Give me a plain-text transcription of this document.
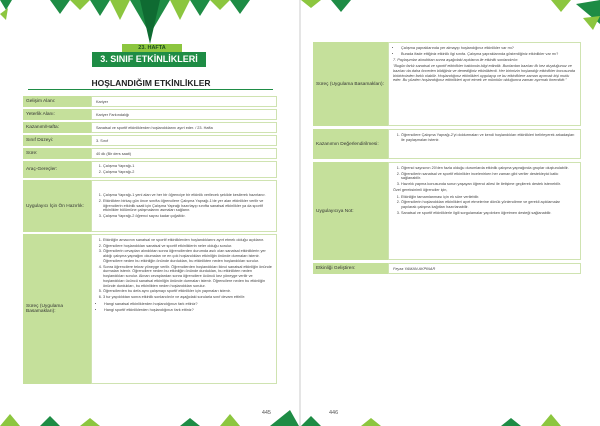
23. HAFTA
3. SINIF ETKİNLİKLERİ
HOŞLANDIĞIM ETKİNLİKLER
Gelişim Alanı:	Kariyer
Yeterlik Alanı:	Kariyer Farkındalığı
Kazanım/Hafta:	Sanatsal ve sportif etkinliklerden hoşlandıklarını ayırt eder. / 23. Hafta
Sınıf Düzeyi:	3. Sınıf
Süre:	40 dk (Bir ders saati)
Araç-Gereçler:
1. Çalışma Yaprağı-1
2. Çalışma Yaprağı-2
Uygulayıcı İçin Ön Hazırlık:
1. Çalışma Yaprağı-1 yeni alan ve her bir öğrenciye bir etkinlik verilecek şekilde kesilerek hazırlanır.
2. Etkinlikten birkaç gün önce sınıfta öğrencilere Çalışma Yaprağı-1'de yer alan etkinlikler verilir ve öğrencilerin etkinlik saati için Çalışma Yaprağı hazırlayıp sınıfta sanatsal etkinlikler ya da sportif etkinlikler bölümüne çalışmalarını asmaları sağlanır.
3. Çalışma Yaprağı-2 öğrenci sayısı kadar çoğaltılır.
Süreç (Uygulama Basamakları):
1. Etkinliğin amacının sanatsal ve sportif etkinliklerden hoşlandıklarını ayırt etmek olduğu açıklanır.
2. Öğrencilere hoşlandıkları sanatsal ve sportif etkinliklerin neler olduğu sorulur.
3. Öğrencilerin cevapları alındıktan sonra öğrencilerden durumda asılı olan sanatsal etkinliklerin yer aldığı çalışma yaprağını okumaları ve en çok hoşlandıkları etkinliğin önünde durmaları istenir. Öğrencilere neden bu etkinliğin önünde durdukları, bu etkinlikten neden hoşlandıkları sorulur.
4. Sonra öğrencilere tekrar yöneyge verilir. Öğrencilerden hoşlandıkları ikinci sanatsal etkinliğin önünde durmaları istenir. Öğrencilere neden bu etkinliğin önünde durdukları, bu etkinlikten neden hoşlandıkları sorulur. Alınan cevaplardan sonra öğrencilere ücüncü kez yöneyge verilir ve hoşlandıkları ücüncü sanatsal etkinliğin önünde durmaları istenir. Öğrencilere neden bu etkinliğin önünde durdukları, bu etkinlikten neden hoşlandıkları sorulur.
5. Öğrencilerden bu defa aynı çalışmayı sportif etkinlikler için yapmaları istenir.
6. 3 tur yapıldıktan sonra etkinlik sonlandırılır ve aşağıdaki sorularla sınıf devam ettirilir:
• Hangi sanatsal etkinliklerden hoşlandığınızı fark ettiniz?
• Hangi sportif etkinliklerden hoşlandığınızı fark ettiniz?
445
Süreç (Uygulama Basamakları):
• Çalışma yapraklarında yer almayıp hoşlandığınız etkinlikler var mı?
• Burada ifade ettiğiniz etkinlik ilgi sınıfa. Çalışma yapraklarında gösterdiğiniz etkinlikler var mı?

7. Paylaşımlar alındıktan sonra aşağıdaki açıklama ile etkinlik sonlandırılır:

"Bugün farklı sanatsal ve sportif etkinlikler hakkında bilgi edindik. Bunlardan bazıları ilk kez duyduğunuz ve bazıları da daha önceden bildiğiniz ve denediğiniz etkinliklerdi. Her birimizin hoşlandığı etkinlikler konusunda birbirimizden farklı olabilir. Hoşlandığınız etkinlikleri uygulayıp ve bu etkinliklere zaman ayırmak kişi mutlu eder. Bu yüzden hoşlandığınız etkinlikleri ayırt etmek ve mümkün olduğunca zaman ayırmak önemlidir."

Kazanımın Değerlendirilmesi:
1. Öğrencilere Çalışma Yaprağı-2'yi doldurmaları ve kendi hoşlandıkları etkinlikleri belirleyerek arkadaşları ile paylaşmaları istenir.
Uygulayıcıya Not:
1. Öğrenci sayısının 20'den fazla olduğu durumlarda etkinlik çalışma yaprağında gruplar oluşturulabilir.
2. Öğrencilerin sanatsal ve sportif etkinlikler incelenirken her zaman gibi veriler destekleyici katkı sağlanabilir.
3. Hazırlık yapma konusunda sorun yaşayan öğrenci ailesi ile iletişime geçilerek destek istenebilir.

Özel gereksinimli öğrenciler için,

1. Etkinliğin tamamlanması için ek süre verilebilir.
2. Öğrencilerin hoşlandıkları etkinlikleri ayırt etmelerine dönük yönlendirme ve gerekli açıklamalar yapılarak çalışma kağıtları hazırlanabilir.
3. Sanatsal ve sportif etkinliklerle ilgili sorgulamalar yapılırken öğretmen desteği sağlanabilir.
Etkinliği Geliştiren:	Feyza YAMAN AKPINAR
446
